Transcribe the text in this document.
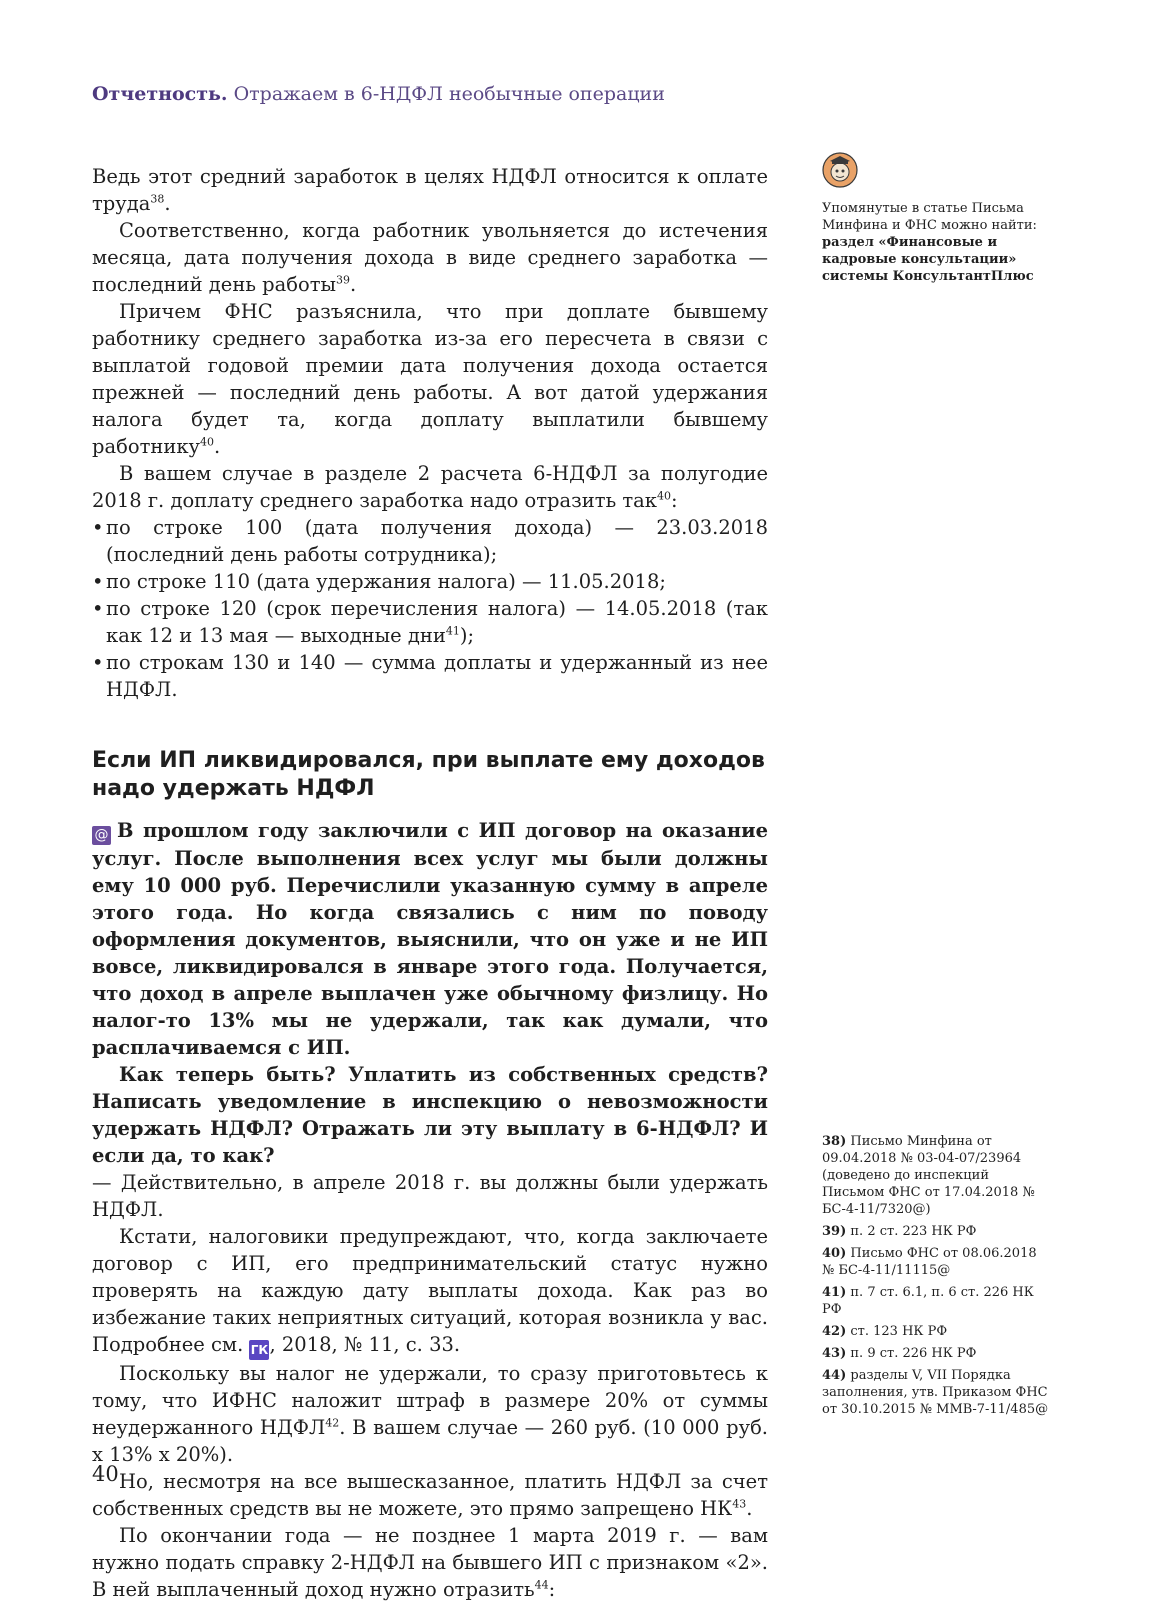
Отчетность. Отражаем в 6-НДФЛ необычные операции
Упомянутые в статье Письма Минфина и ФНС можно найти:
раздел «Финансовые и кадровые консультации» системы КонсультантПлюс

Ведь этот средний заработок в целях НДФЛ относится к оплате труда$^{38}$.

Соответственно, когда работник увольняется до истечения месяца, дата получения дохода в виде среднего заработка — последний день работы$^{39}$.

Причем ФНС разъяснила, что при доплате бывшему работнику среднего заработка из-за его пересчета в связи с выплатой годовой премии дата получения дохода остается прежней — последний день работы. А вот датой удержания налога будет та, когда доплату выплатили бывшему работнику$^{40}$.

В вашем случае в разделе 2 расчета 6-НДФЛ за полугодие 2018 г. доплату среднего заработка надо отразить так$^{40}$:

• по строке 100 (дата получения дохода) — 23.03.2018 (последний день работы сотрудника);
• по строке 110 (дата удержания налога) — 11.05.2018;
• по строке 120 (срок перечисления налога) — 14.05.2018 (так как 12 и 13 мая — выходные дни$^{41}$);
• по строкам 130 и 140 — сумма доплаты и удержанный из нее НДФЛ.
Если ИП ликвидировался, при выплате ему доходов надо удержать НДФЛ

@ В прошлом году заключили с ИП договор на оказание услуг. После выполнения всех услуг мы были должны ему 10 000 руб. Перечислили указанную сумму в апреле этого года. Но когда связались с ним по поводу оформления документов, выяснили, что он уже и не ИП вовсе, ликвидировался в январе этого года. Получается, что доход в апреле выплачен уже обычному физлицу. Но налог-то 13% мы не удержали, так как думали, что расплачиваемся с ИП.

Как теперь быть? Уплатить из собственных средств? Написать уведомление в инспекцию о невозможности удержать НДФЛ? Отражать ли эту выплату в 6-НДФЛ? И если да, то как?

— Действительно, в апреле 2018 г. вы должны были удержать НДФЛ.

Кстати, налоговики предупреждают, что, когда заключаете договор с ИП, его предпринимательский статус нужно проверять на каждую дату выплаты дохода. Как раз во избежание таких неприятных ситуаций, которая возникла у вас. Подробнее см. ГК, 2018, № 11, с. 33.

Поскольку вы налог не удержали, то сразу приготовьтесь к тому, что ИФНС наложит штраф в размере 20% от суммы неудержанного НДФЛ$^{42}$. В вашем случае — 260 руб. (10 000 руб. х 13% х 20%).

Но, несмотря на все вышесказанное, платить НДФЛ за счет собственных средств вы не можете, это прямо запрещено НК$^{43}$.

По окончании года — не позднее 1 марта 2019 г. — вам нужно подать справку 2-НДФЛ на бывшего ИП с признаком «2». В ней выплаченный доход нужно отразить$^{44}$:

38) Письмо Минфина от 09.04.2018 № 03-04-07/23964 (доведено до инспекций Письмом ФНС от 17.04.2018 № БС-4-11/7320@)
39) п. 2 ст. 223 НК РФ
40) Письмо ФНС от 08.06.2018 № БС-4-11/11115@
41) п. 7 ст. 6.1, п. 6 ст. 226 НК РФ
42) ст. 123 НК РФ
43) п. 9 ст. 226 НК РФ
44) разделы V, VII Порядка заполнения, утв. Приказом ФНС от 30.10.2015 № ММВ-7-11/485@
40
